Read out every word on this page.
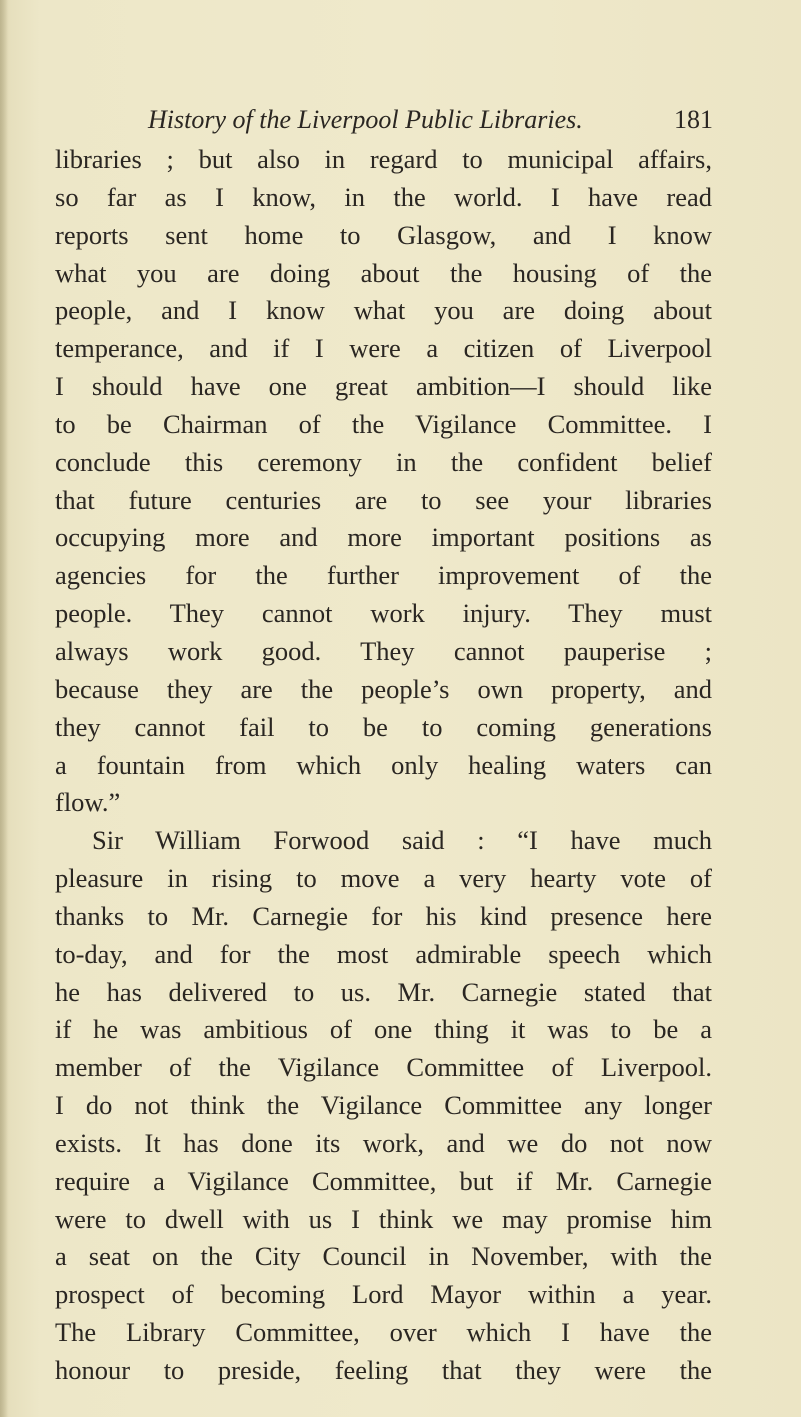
History of the Liverpool Public Libraries.	181
libraries ; but also in regard to municipal affairs,
so far as I know, in the world. I have read
reports sent home to Glasgow, and I know
what you are doing about the housing of the
people, and I know what you are doing about
temperance, and if I were a citizen of Liverpool
I should have one great ambition—I should like
to be Chairman of the Vigilance Committee. I
conclude this ceremony in the confident belief
that future centuries are to see your libraries
occupying more and more important positions as
agencies for the further improvement of the
people. They cannot work injury. They must
always work good. They cannot pauperise ;
because they are the people’s own property, and
they cannot fail to be to coming generations
a fountain from which only healing waters can
flow.”
Sir William Forwood said : “I have much
pleasure in rising to move a very hearty vote of
thanks to Mr. Carnegie for his kind presence here
to-day, and for the most admirable speech which
he has delivered to us. Mr. Carnegie stated that
if he was ambitious of one thing it was to be a
member of the Vigilance Committee of Liverpool.
I do not think the Vigilance Committee any longer
exists. It has done its work, and we do not now
require a Vigilance Committee, but if Mr. Carnegie
were to dwell with us I think we may promise him
a seat on the City Council in November, with the
prospect of becoming Lord Mayor within a year.
The Library Committee, over which I have the
honour to preside, feeling that they were the
